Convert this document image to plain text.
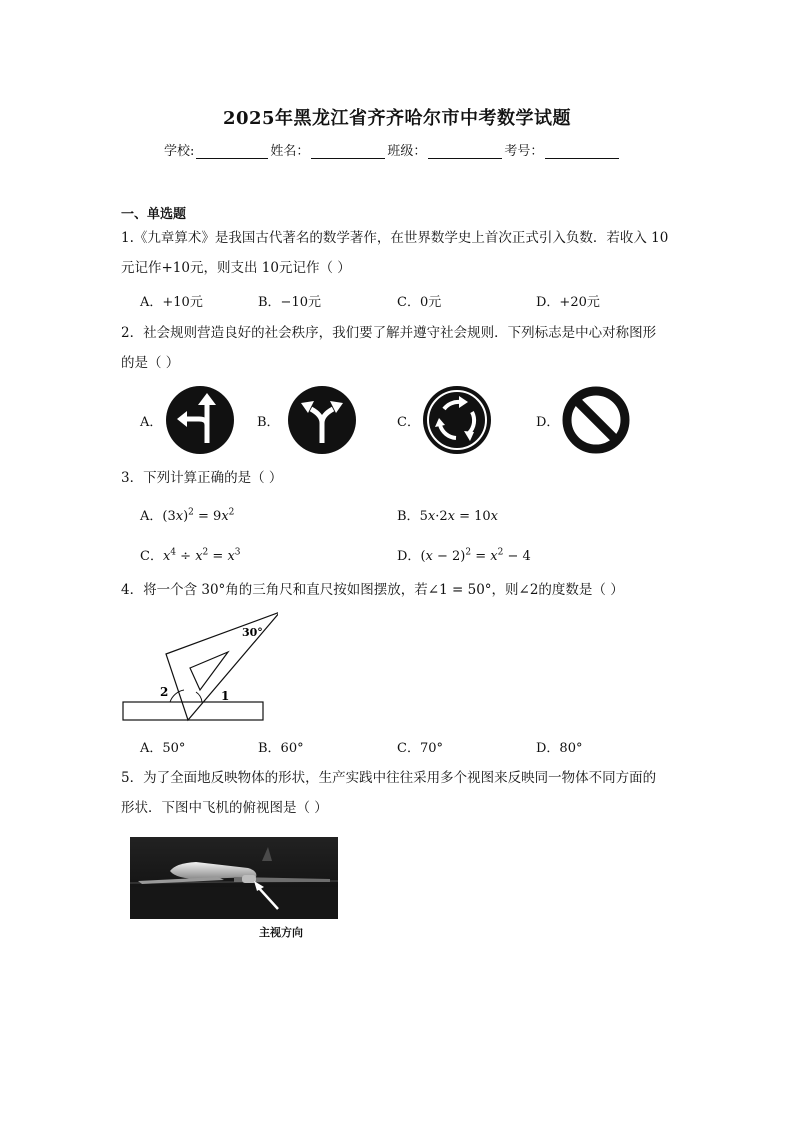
2025年黑龙江省齐齐哈尔市中考数学试题
学校:	姓名：	班级：	考号：
一、单选题
1.《九章算术》是我国古代著名的数学著作，在世界数学史上首次正式引入负数．若收入 10
元记作+10元，则支出 10元记作（ ）
A．+10元	B．−10元	C．0元	D．+20元
2．社会规则营造良好的社会秩序，我们要了解并遵守社会规则．下列标志是中心对称图形
的是（ ）
A．	B．	C．	D．
3．下列计算正确的是（ ）
A．$(3x)^2 = 9x^2$	B．5x·2x = 10x
C．$x^4 \div x^2 = x^3$	D．$(x - 2)^2 = x^2 - 4$
4．将一个含 30°角的三角尺和直尺按如图摆放，若∠1 = 50°，则∠2的度数是（ ）
30°
2	1
A．50°	B．60°	C．70°	D．80°
5．为了全面地反映物体的形状，生产实践中往往采用多个视图来反映同一物体不同方面的
形状．下图中飞机的俯视图是（ ）
主视方向
